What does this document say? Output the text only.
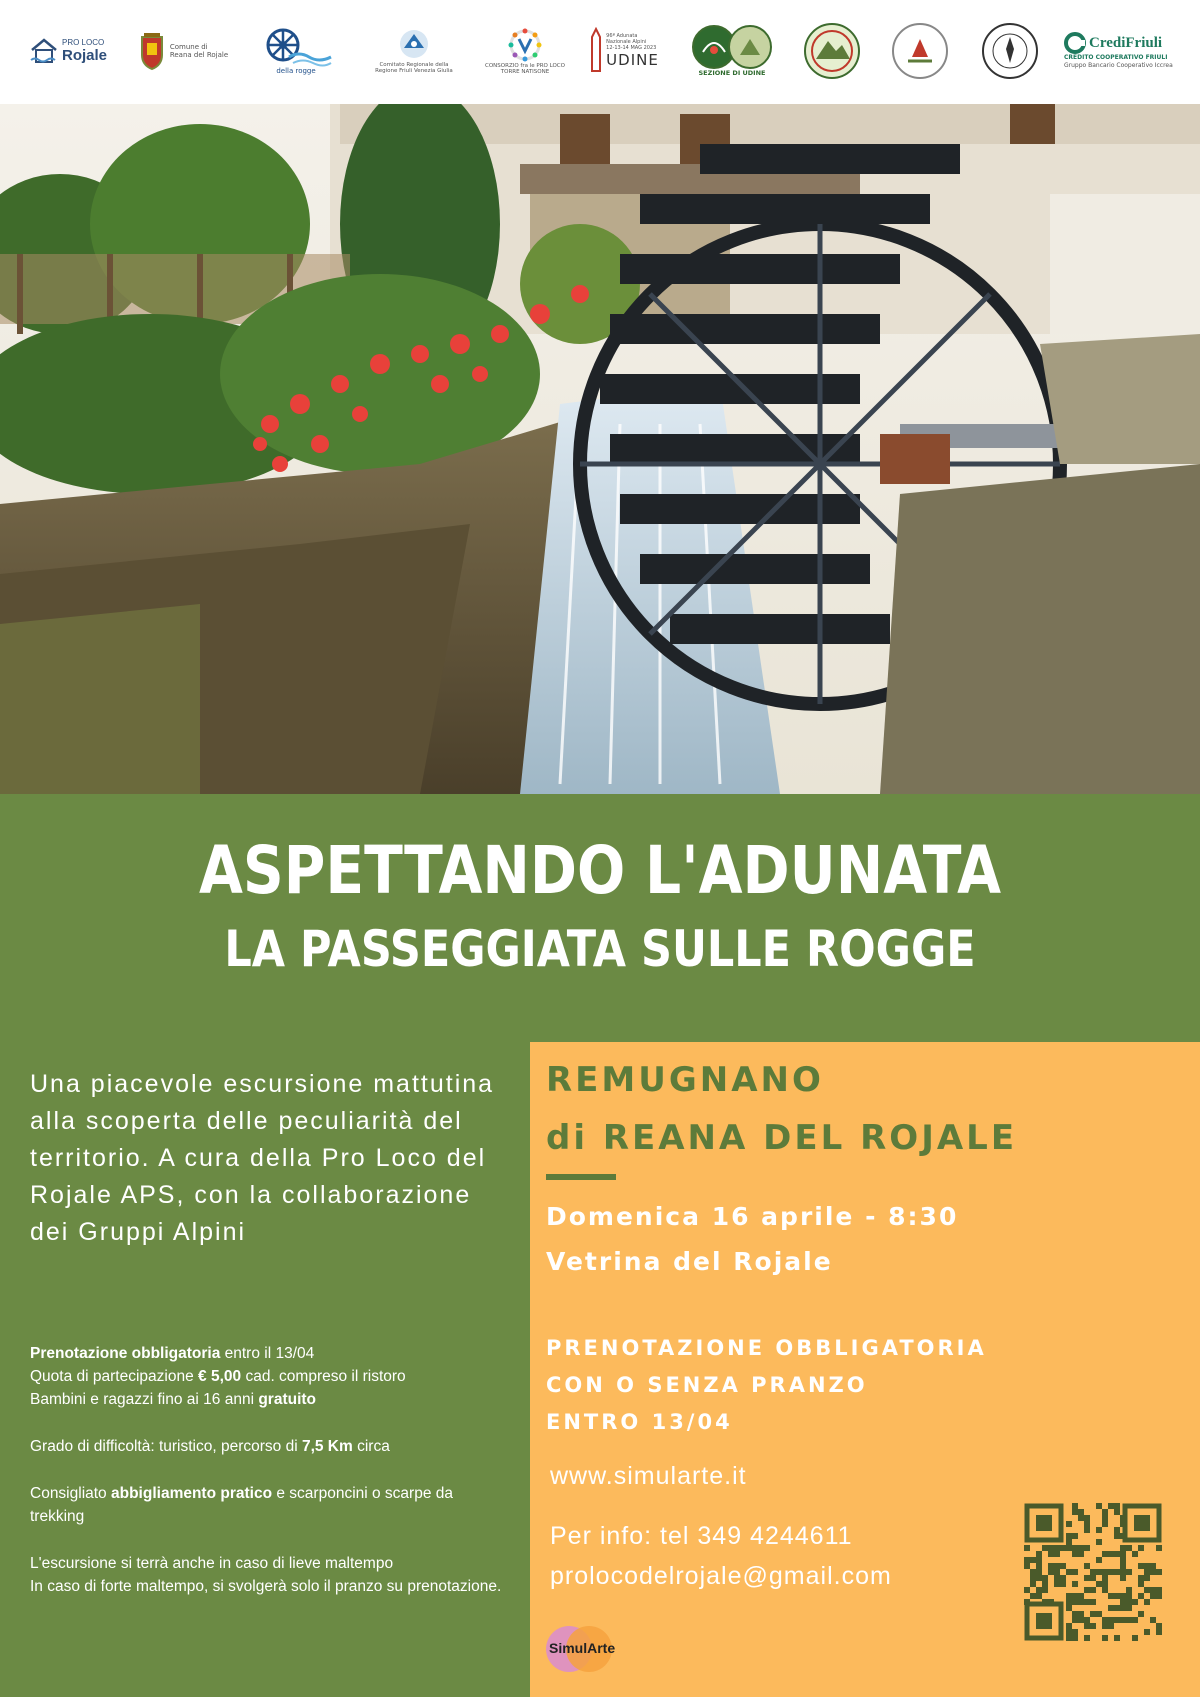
PRO LOCO
Rojale	Comune di
Reana del Rojale
della rogge
Comitato Regionale della Regione Friuli Venezia Giulia
CONSORZIO fra le PRO LOCO TORRE NATISONE
96ª Adunata Nazionale Alpini
12-13-14 MAG 2023
UDINE
SEZIONE DI UDINE
CrediFriuli
CREDITO COOPERATIVO FRIULI
Gruppo Bancario Cooperativo Iccrea
ASPETTANDO L'ADUNATA
LA PASSEGGIATA SULLE ROGGE
Una piacevole escursione mattutina alla scoperta delle peculiarità del territorio. A cura della Pro Loco del Rojale APS, con la collaborazione dei Gruppi Alpini

Prenotazione obbligatoria entro il 13/04
Quota di partecipazione € 5,00 cad. compreso il ristoro
Bambini e ragazzi fino ai 16 anni gratuito

Grado di difficoltà: turistico, percorso di 7,5 Km circa

Consigliato abbigliamento pratico e scarponcini o scarpe da trekking

L'escursione si terrà anche in caso di lieve maltempo
In caso di forte maltempo, si svolgerà solo il pranzo su prenotazione.

REMUGNANO
di REANA DEL ROJALE
Domenica 16 aprile - 8:30
Vetrina del Rojale
PRENOTAZIONE OBBLIGATORIA
CON O SENZA PRANZO
ENTRO 13/04
www.simularte.it
Per info: tel 349 4244611
prolocodelrojale@gmail.com
SimulArte
